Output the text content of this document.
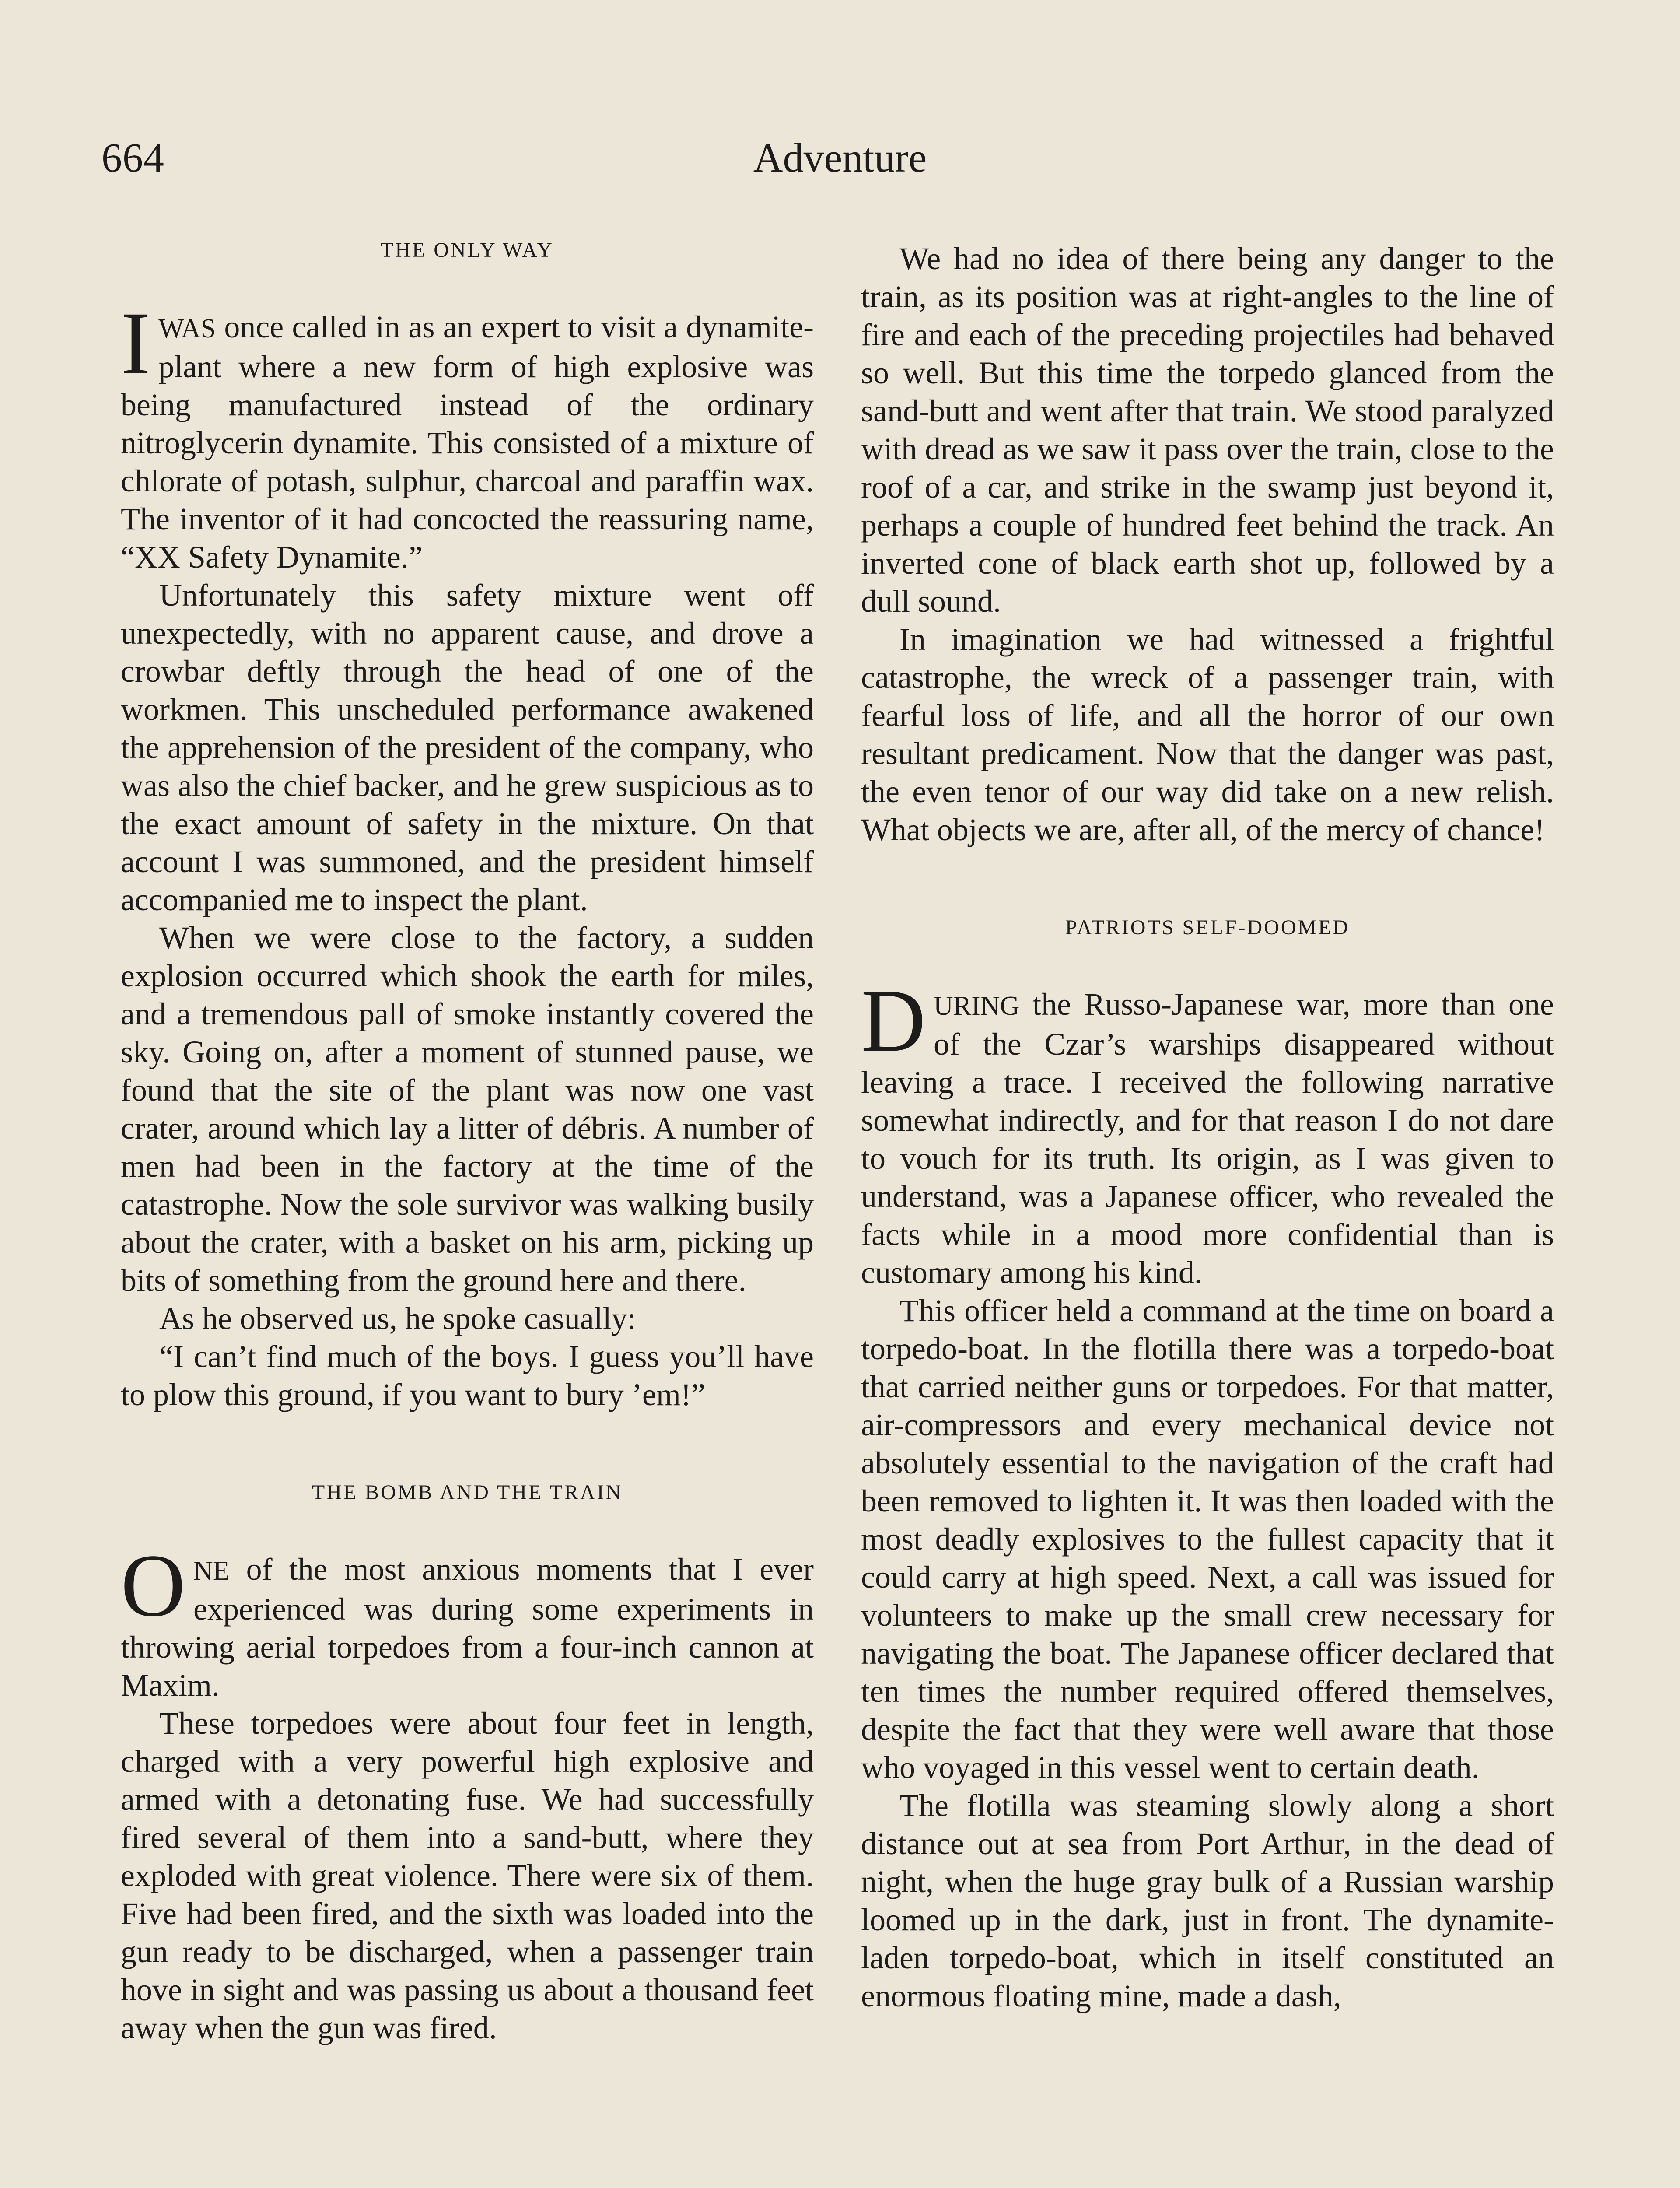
664	Adventure
THE ONLY WAY

IWAS once called in as an expert to visit a dynamite-plant where a new form of high explosive was being manufactured instead of the ordinary nitroglycerin dynamite. This consisted of a mixture of chlorate of potash, sulphur, charcoal and paraffin wax. The inventor of it had concocted the reassuring name, “XX Safety Dynamite.”

Unfortunately this safety mixture went off unexpectedly, with no apparent cause, and drove a crowbar deftly through the head of one of the workmen. This unscheduled performance awakened the apprehension of the president of the company, who was also the chief backer, and he grew suspicious as to the exact amount of safety in the mixture. On that account I was summoned, and the president himself accompanied me to inspect the plant.

When we were close to the factory, a sudden explosion occurred which shook the earth for miles, and a tremendous pall of smoke instantly covered the sky. Going on, after a moment of stunned pause, we found that the site of the plant was now one vast crater, around which lay a litter of débris. A number of men had been in the factory at the time of the catastrophe. Now the sole survivor was walking busily about the crater, with a basket on his arm, picking up bits of something from the ground here and there.

As he observed us, he spoke casually:

“I can’t find much of the boys. I guess you’ll have to plow this ground, if you want to bury ’em!”

THE BOMB AND THE TRAIN

ONE of the most anxious moments that I ever experienced was during some experiments in throwing aerial torpedoes from a four-inch cannon at Maxim.

These torpedoes were about four feet in length, charged with a very powerful high explosive and armed with a detonating fuse. We had successfully fired several of them into a sand-butt, where they exploded with great violence. There were six of them. Five had been fired, and the sixth was loaded into the gun ready to be discharged, when a passenger train hove in sight and was passing us about a thousand feet away when the gun was fired.

We had no idea of there being any danger to the train, as its position was at right-angles to the line of fire and each of the preceding projectiles had behaved so well. But this time the torpedo glanced from the sand-butt and went after that train. We stood paralyzed with dread as we saw it pass over the train, close to the roof of a car, and strike in the swamp just beyond it, perhaps a couple of hundred feet behind the track. An inverted cone of black earth shot up, followed by a dull sound.

In imagination we had witnessed a frightful catastrophe, the wreck of a passenger train, with fearful loss of life, and all the horror of our own resultant predicament. Now that the danger was past, the even tenor of our way did take on a new relish. What objects we are, after all, of the mercy of chance!

PATRIOTS SELF-DOOMED

DURING the Russo-Japanese war, more than one of the Czar’s warships disappeared without leaving a trace. I received the following narrative somewhat indirectly, and for that reason I do not dare to vouch for its truth. Its origin, as I was given to understand, was a Japanese officer, who revealed the facts while in a mood more confidential than is customary among his kind.

This officer held a command at the time on board a torpedo-boat. In the flotilla there was a torpedo-boat that carried neither guns or torpedoes. For that matter, air-compressors and every mechanical device not absolutely essential to the navigation of the craft had been removed to lighten it. It was then loaded with the most deadly explosives to the fullest capacity that it could carry at high speed. Next, a call was issued for volunteers to make up the small crew necessary for navigating the boat. The Japanese officer declared that ten times the number required offered themselves, despite the fact that they were well aware that those who voyaged in this vessel went to certain death.

The flotilla was steaming slowly along a short distance out at sea from Port Arthur, in the dead of night, when the huge gray bulk of a Russian warship loomed up in the dark, just in front. The dynamite-laden torpedo-boat, which in itself constituted an enormous floating mine, made a dash,
